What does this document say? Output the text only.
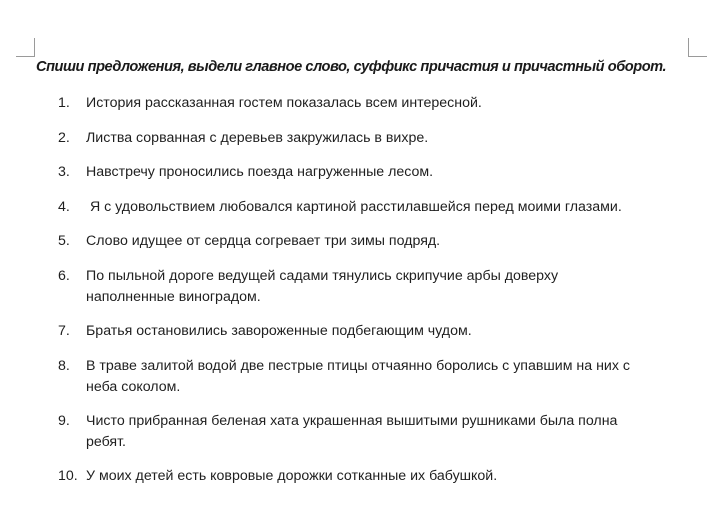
Спиши предложения, выдели главное слово, суффикс причастия и причастный оборот.
1. История рассказанная гостем показалась всем интересной.
2. Листва сорванная с деревьев закружилась в вихре.
3. Навстречу проносились поезда нагруженные лесом.
4. Я с удовольствием любовался картиной расстилавшейся перед моими глазами.
5. Слово идущее от сердца согревает три зимы подряд.
6. По пыльной дороге ведущей садами тянулись скрипучие арбы доверху
наполненные виноградом.
7. Братья остановились завороженные подбегающим чудом.
8. В траве залитой водой две пестрые птицы отчаянно боролись с упавшим на них с
неба соколом.
9. Чисто прибранная беленая хата украшенная вышитыми рушниками была полна
ребят.
10. У моих детей есть ковровые дорожки сотканные их бабушкой.
